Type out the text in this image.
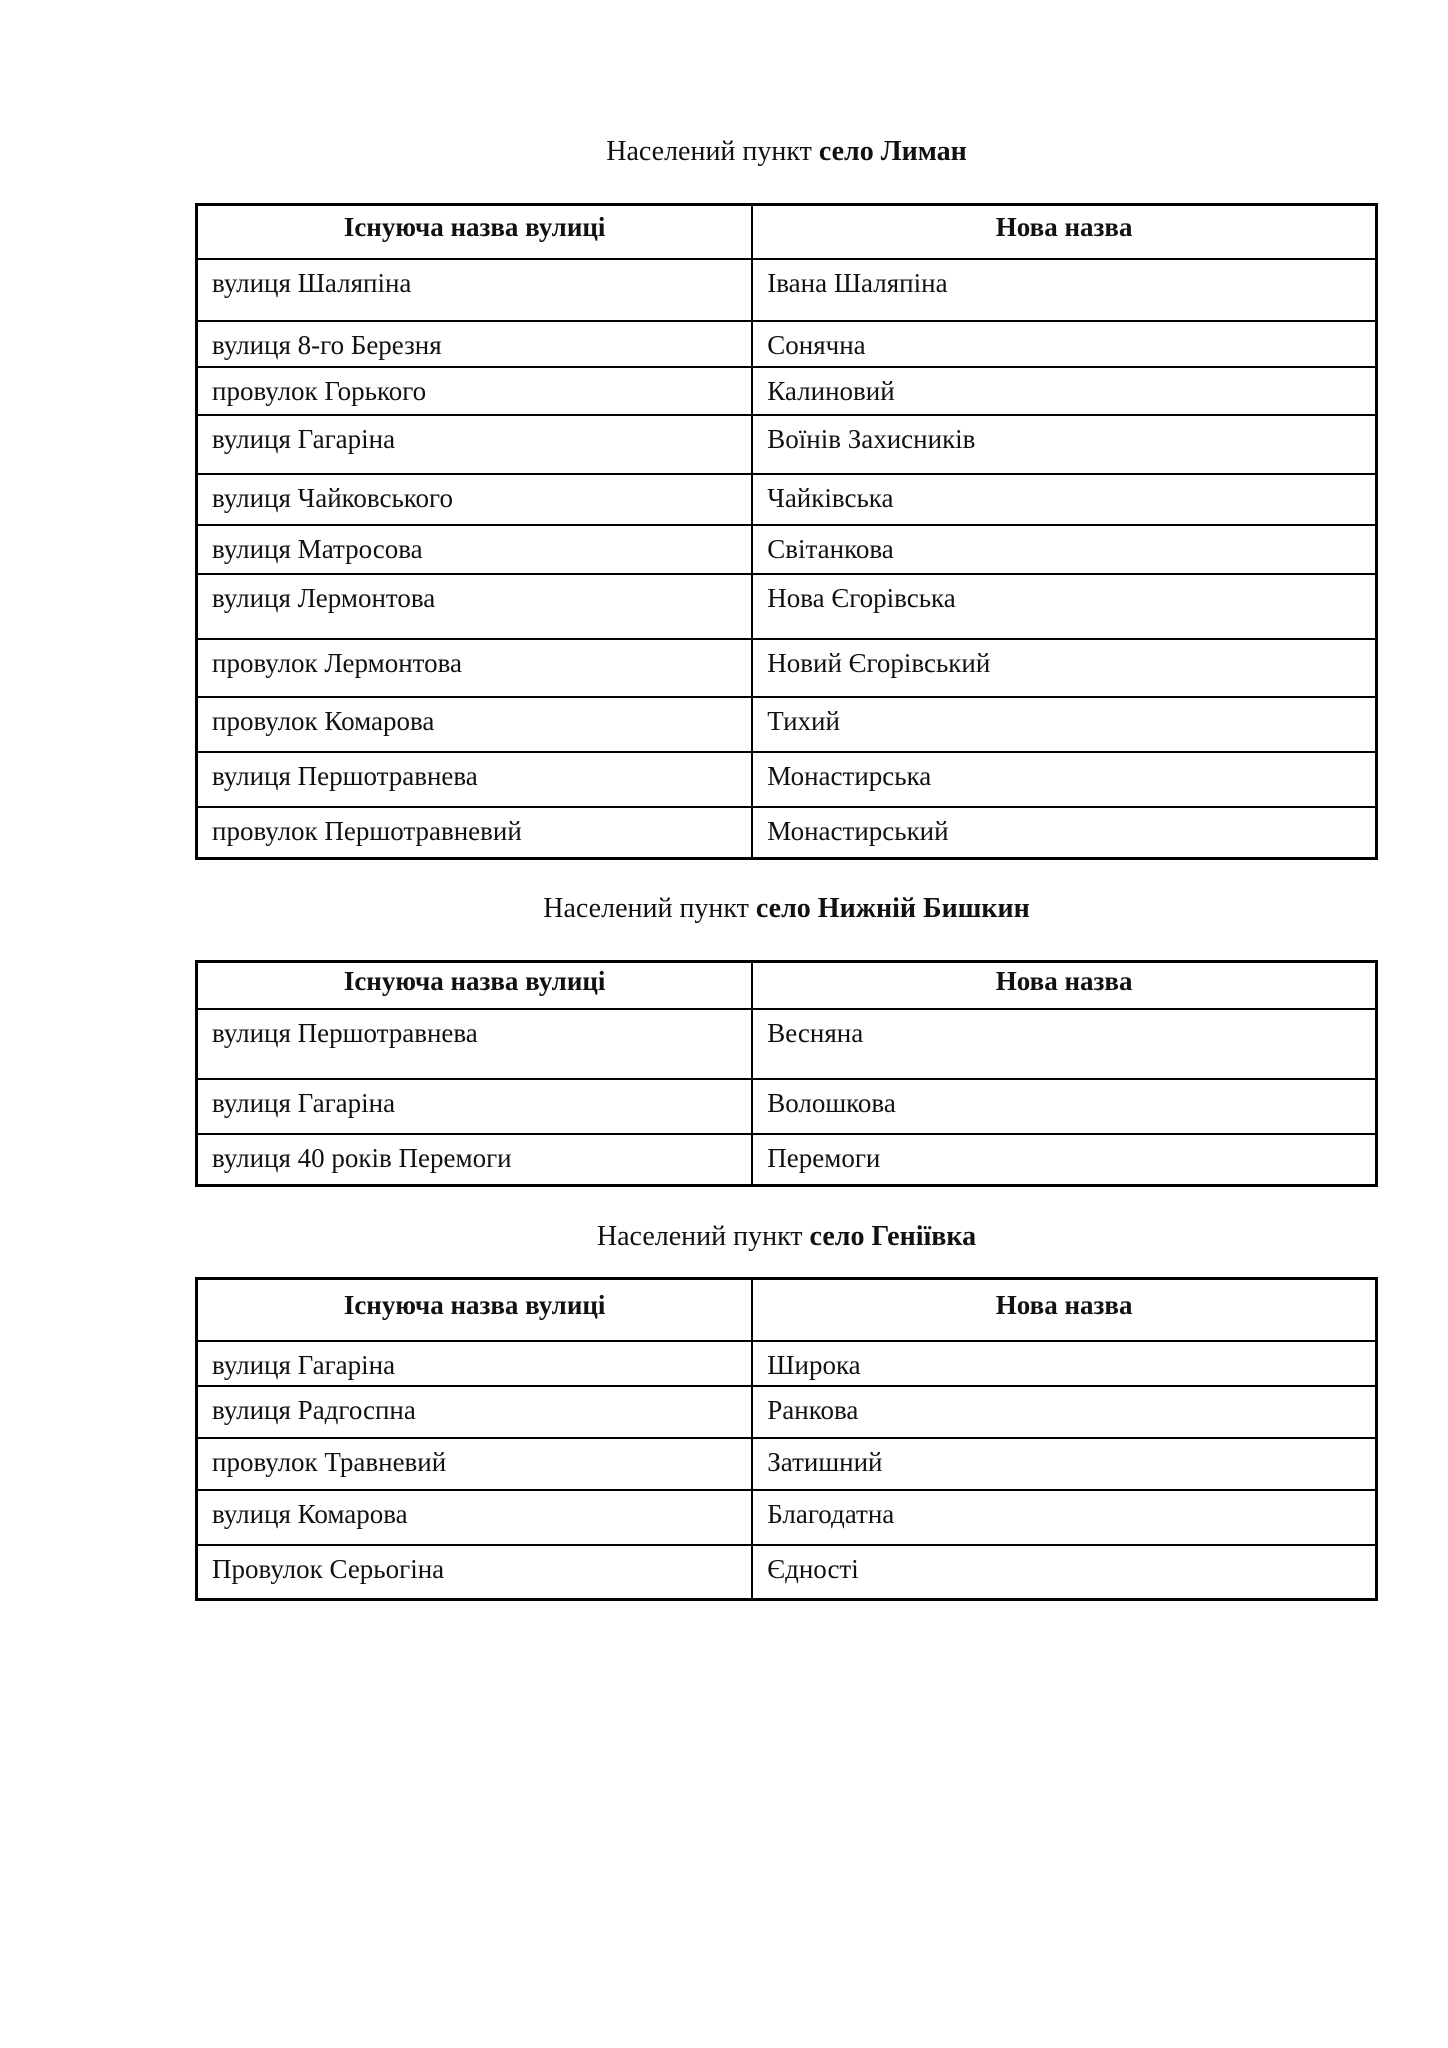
Населений пункт село Лиман
Існуюча назва вулиці	Нова назва
вулиця Шаляпіна	Івана Шаляпіна
вулиця 8-го Березня	Сонячна
провулок Горького	Калиновий
вулиця Гагаріна	Воїнів Захисників
вулиця Чайковського	Чайківська
вулиця Матросова	Світанкова
вулиця Лермонтова	Нова Єгорівська
провулок Лермонтова	Новий Єгорівський
провулок Комарова	Тихий
вулиця Першотравнева	Монастирська
провулок Першотравневий	Монастирський
Населений пункт село Нижній Бишкин
Існуюча назва вулиці	Нова назва
вулиця Першотравнева	Весняна
вулиця Гагаріна	Волошкова
вулиця 40 років Перемоги	Перемоги
Населений пункт село Геніївка
Існуюча назва вулиці	Нова назва
вулиця Гагаріна	Широка
вулиця Радгоспна	Ранкова
провулок Травневий	Затишний
вулиця Комарова	Благодатна
Провулок Серьогіна	Єдності
